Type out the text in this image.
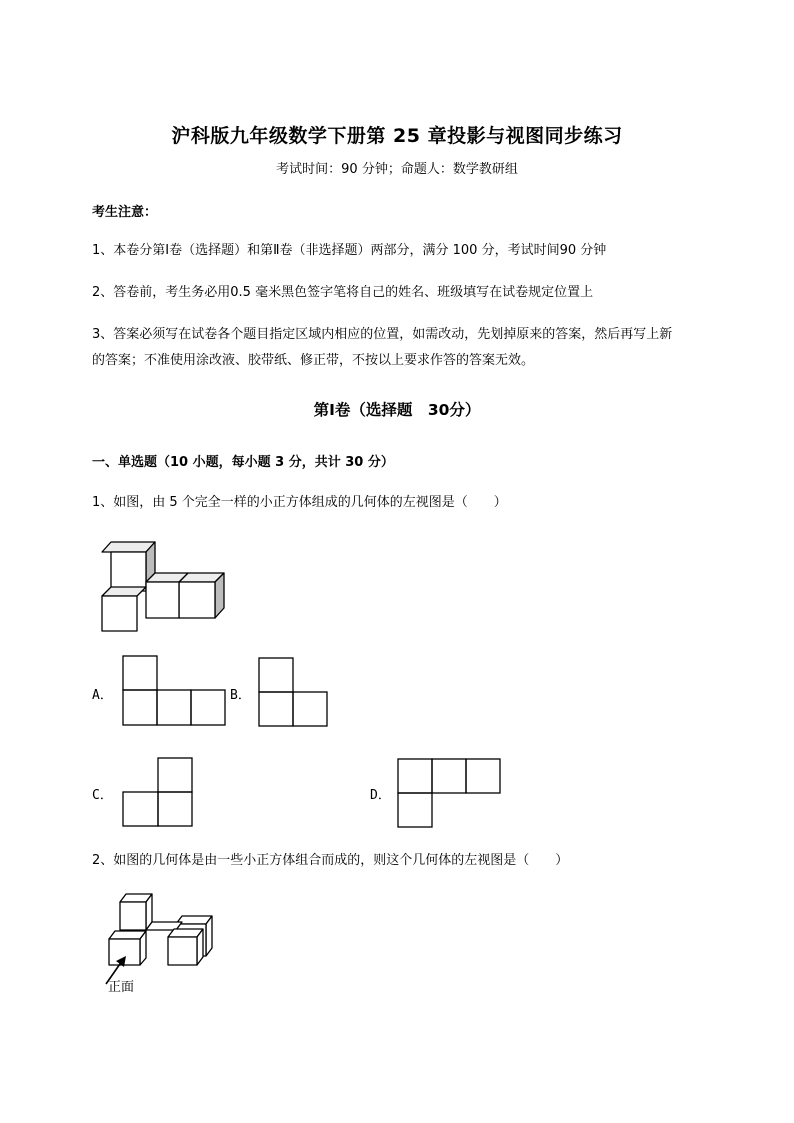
沪科版九年级数学下册第 25 章投影与视图同步练习
考试时间：90 分钟；命题人：数学教研组
考生注意：
1、本卷分第Ⅰ卷（选择题）和第Ⅱ卷（非选择题）两部分，满分 100 分，考试时间90 分钟
2、答卷前，考生务必用0.5 毫米黑色签字笔将自己的姓名、班级填写在试卷规定位置上
3、答案必须写在试卷各个题目指定区域内相应的位置，如需改动，先划掉原来的答案，然后再写上新
的答案；不准使用涂改液、胶带纸、修正带，不按以上要求作答的答案无效。
第Ⅰ卷（选择题　30分）
一、单选题（10 小题，每小题 3 分，共计 30 分）
1、如图，由 5 个完全一样的小正方体组成的几何体的左视图是（　　）
A．	B．
C．	D．
2、如图的几何体是由一些小正方体组合而成的，则这个几何体的左视图是（　　）
正面
